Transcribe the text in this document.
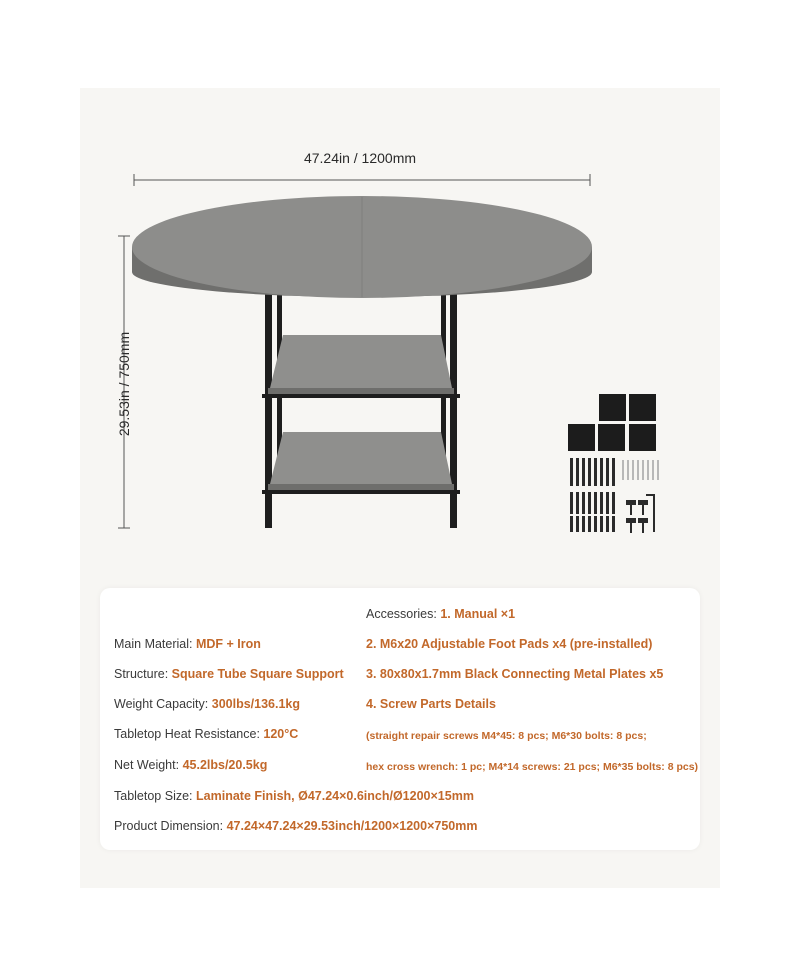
47.24in / 1200mm
29.53in / 750mm
Accessories: 1. Manual ×1
Main Material: MDF + Iron	2. M6x20 Adjustable Foot Pads x4 (pre-installed)
Structure: Square Tube Square Support 3. 80x80x1.7mm Black Connecting Metal Plates x5
Weight Capacity: 300lbs/136.1kg	4. Screw Parts Details
Tabletop Heat Resistance: 120°C	(straight repair screws M4*45: 8 pcs; M6*30 bolts: 8 pcs;
Net Weight: 45.2lbs/20.5kg	hex cross wrench: 1 pc; M4*14 screws: 21 pcs; M6*35 bolts: 8 pcs)
Tabletop Size: Laminate Finish, Ø47.24×0.6inch/Ø1200×15mm
Product Dimension: 47.24×47.24×29.53inch/1200×1200×750mm
